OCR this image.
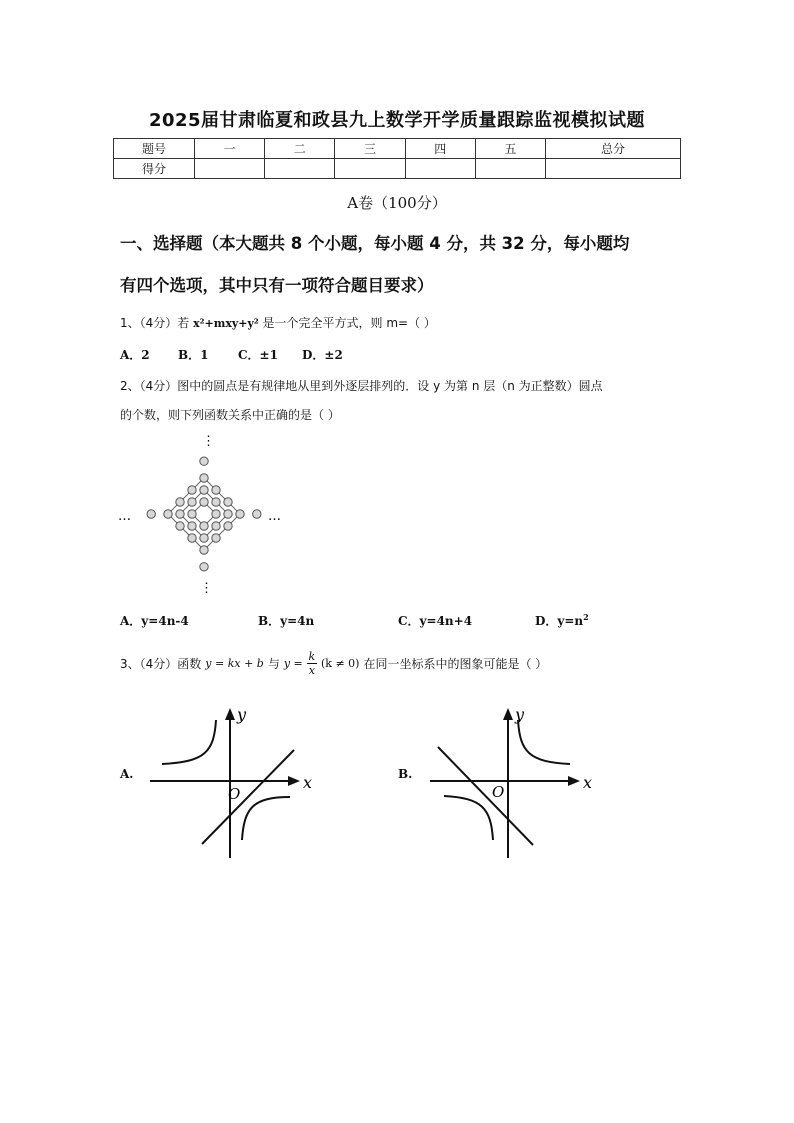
2025届甘肃临夏和政县九上数学开学质量跟踪监视模拟试题
题号	一	二	三	四	五	总分
得分						
A卷（100分）
一、选择题（本大题共 8 个小题，每小题 4 分，共 32 分，每小题均
有四个选项，其中只有一项符合题目要求）
1、（4分）若 x²+mxy+y² 是一个完全平方式，则 m=（ ）
A．2 B．1 C．±1 D．±2
2、（4分）图中的圆点是有规律地从里到外逐层排列的．设 y 为第 n 层（n 为正整数）圆点
的个数，则下列函数关系中正确的是（ ）
⋮
⋮
…	…
A．y=4n-4	B．y=4n	C．y=4n+4	D．$y=n^2$
3、（4分）函数 y = kx + b 与 $y = \frac{k}{x} (k \ne 0)$ 在同一坐标系中的图象可能是（ ）
A.	B.
x
y
O
x
y
O
